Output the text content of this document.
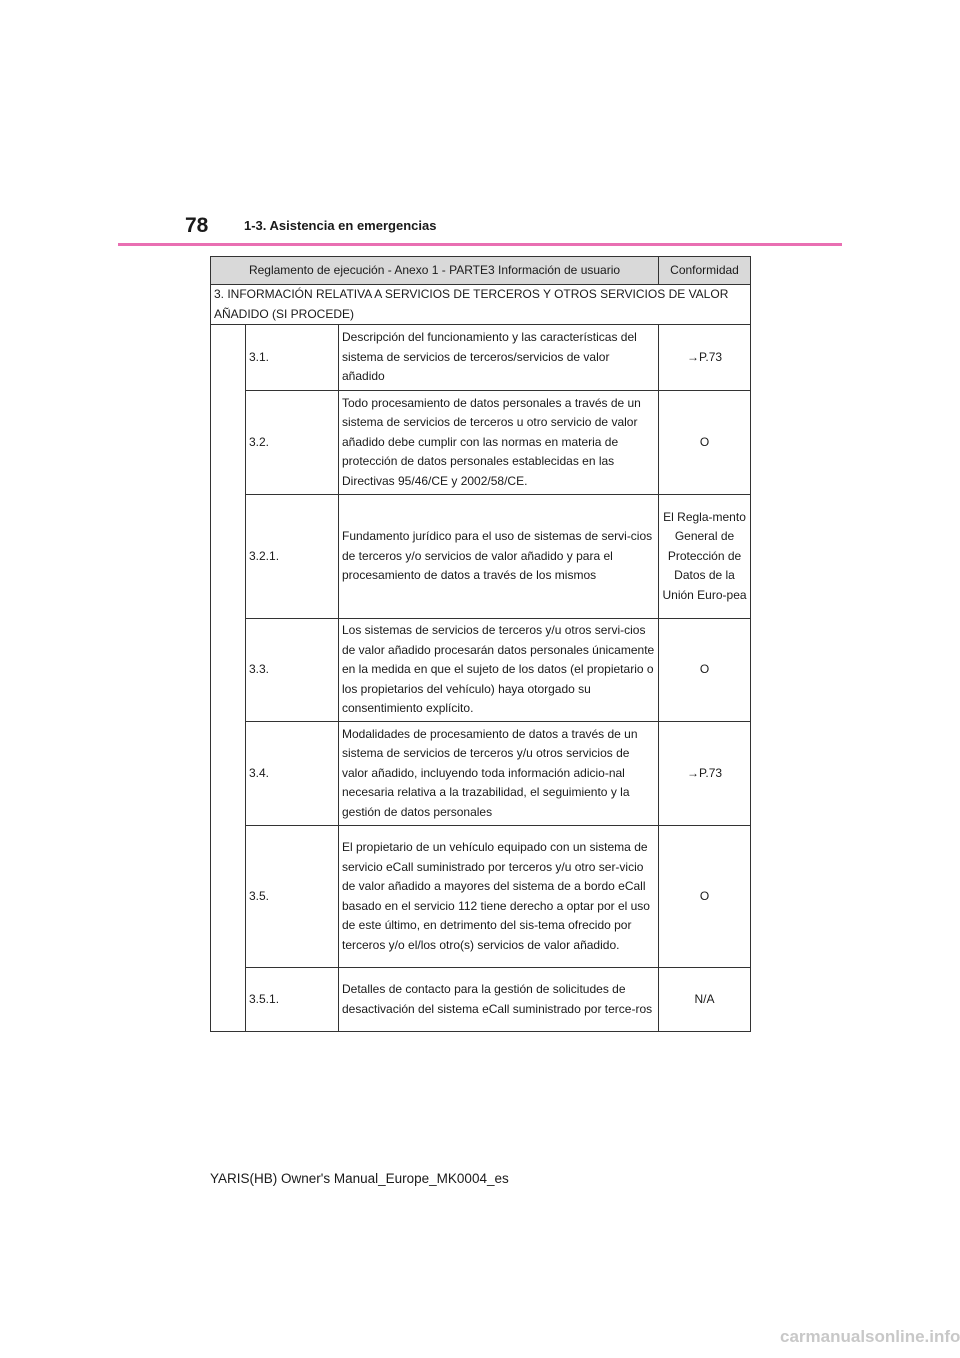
78	1-3. Asistencia en emergencias
Reglamento de ejecución - Anexo 1 - PARTE3 Información de usuario			Conformidad
3. INFORMACIÓN RELATIVA A SERVICIOS DE TERCEROS Y OTROS SERVICIOS DE VALOR AÑADIDO (SI PROCEDE)			
	3.1.	Descripción del funcionamiento y las características del sistema de servicios de terceros/servicios de valor añadido	→P.73
	3.2.	Todo procesamiento de datos personales a través de un sistema de servicios de terceros u otro servicio de valor añadido debe cumplir con las normas en materia de protección de datos personales establecidas en las Directivas 95/46/CE y 2002/58/CE.	O
	3.2.1.	Fundamento jurídico para el uso de sistemas de servi-cios de terceros y/o servicios de valor añadido y para el procesamiento de datos a través de los mismos	El Regla-mento General de Protección de Datos de la Unión Euro-pea
	3.3.	Los sistemas de servicios de terceros y/u otros servi-cios de valor añadido procesarán datos personales únicamente en la medida en que el sujeto de los datos (el propietario o los propietarios del vehículo) haya otorgado su consentimiento explícito.	O
	3.4.	Modalidades de procesamiento de datos a través de un sistema de servicios de terceros y/u otros servicios de valor añadido, incluyendo toda información adicio-nal necesaria relativa a la trazabilidad, el seguimiento y la gestión de datos personales	→P.73
	3.5.	El propietario de un vehículo equipado con un sistema de servicio eCall suministrado por terceros y/u otro ser-vicio de valor añadido a mayores del sistema de a bordo eCall basado en el servicio 112 tiene derecho a optar por el uso de este último, en detrimento del sis-tema ofrecido por terceros y/o el/los otro(s) servicios de valor añadido.	O
	3.5.1.	Detalles de contacto para la gestión de solicitudes de desactivación del sistema eCall suministrado por terce-ros	N/A
YARIS(HB) Owner's Manual_Europe_MK0004_es
carmanualsonline.info
